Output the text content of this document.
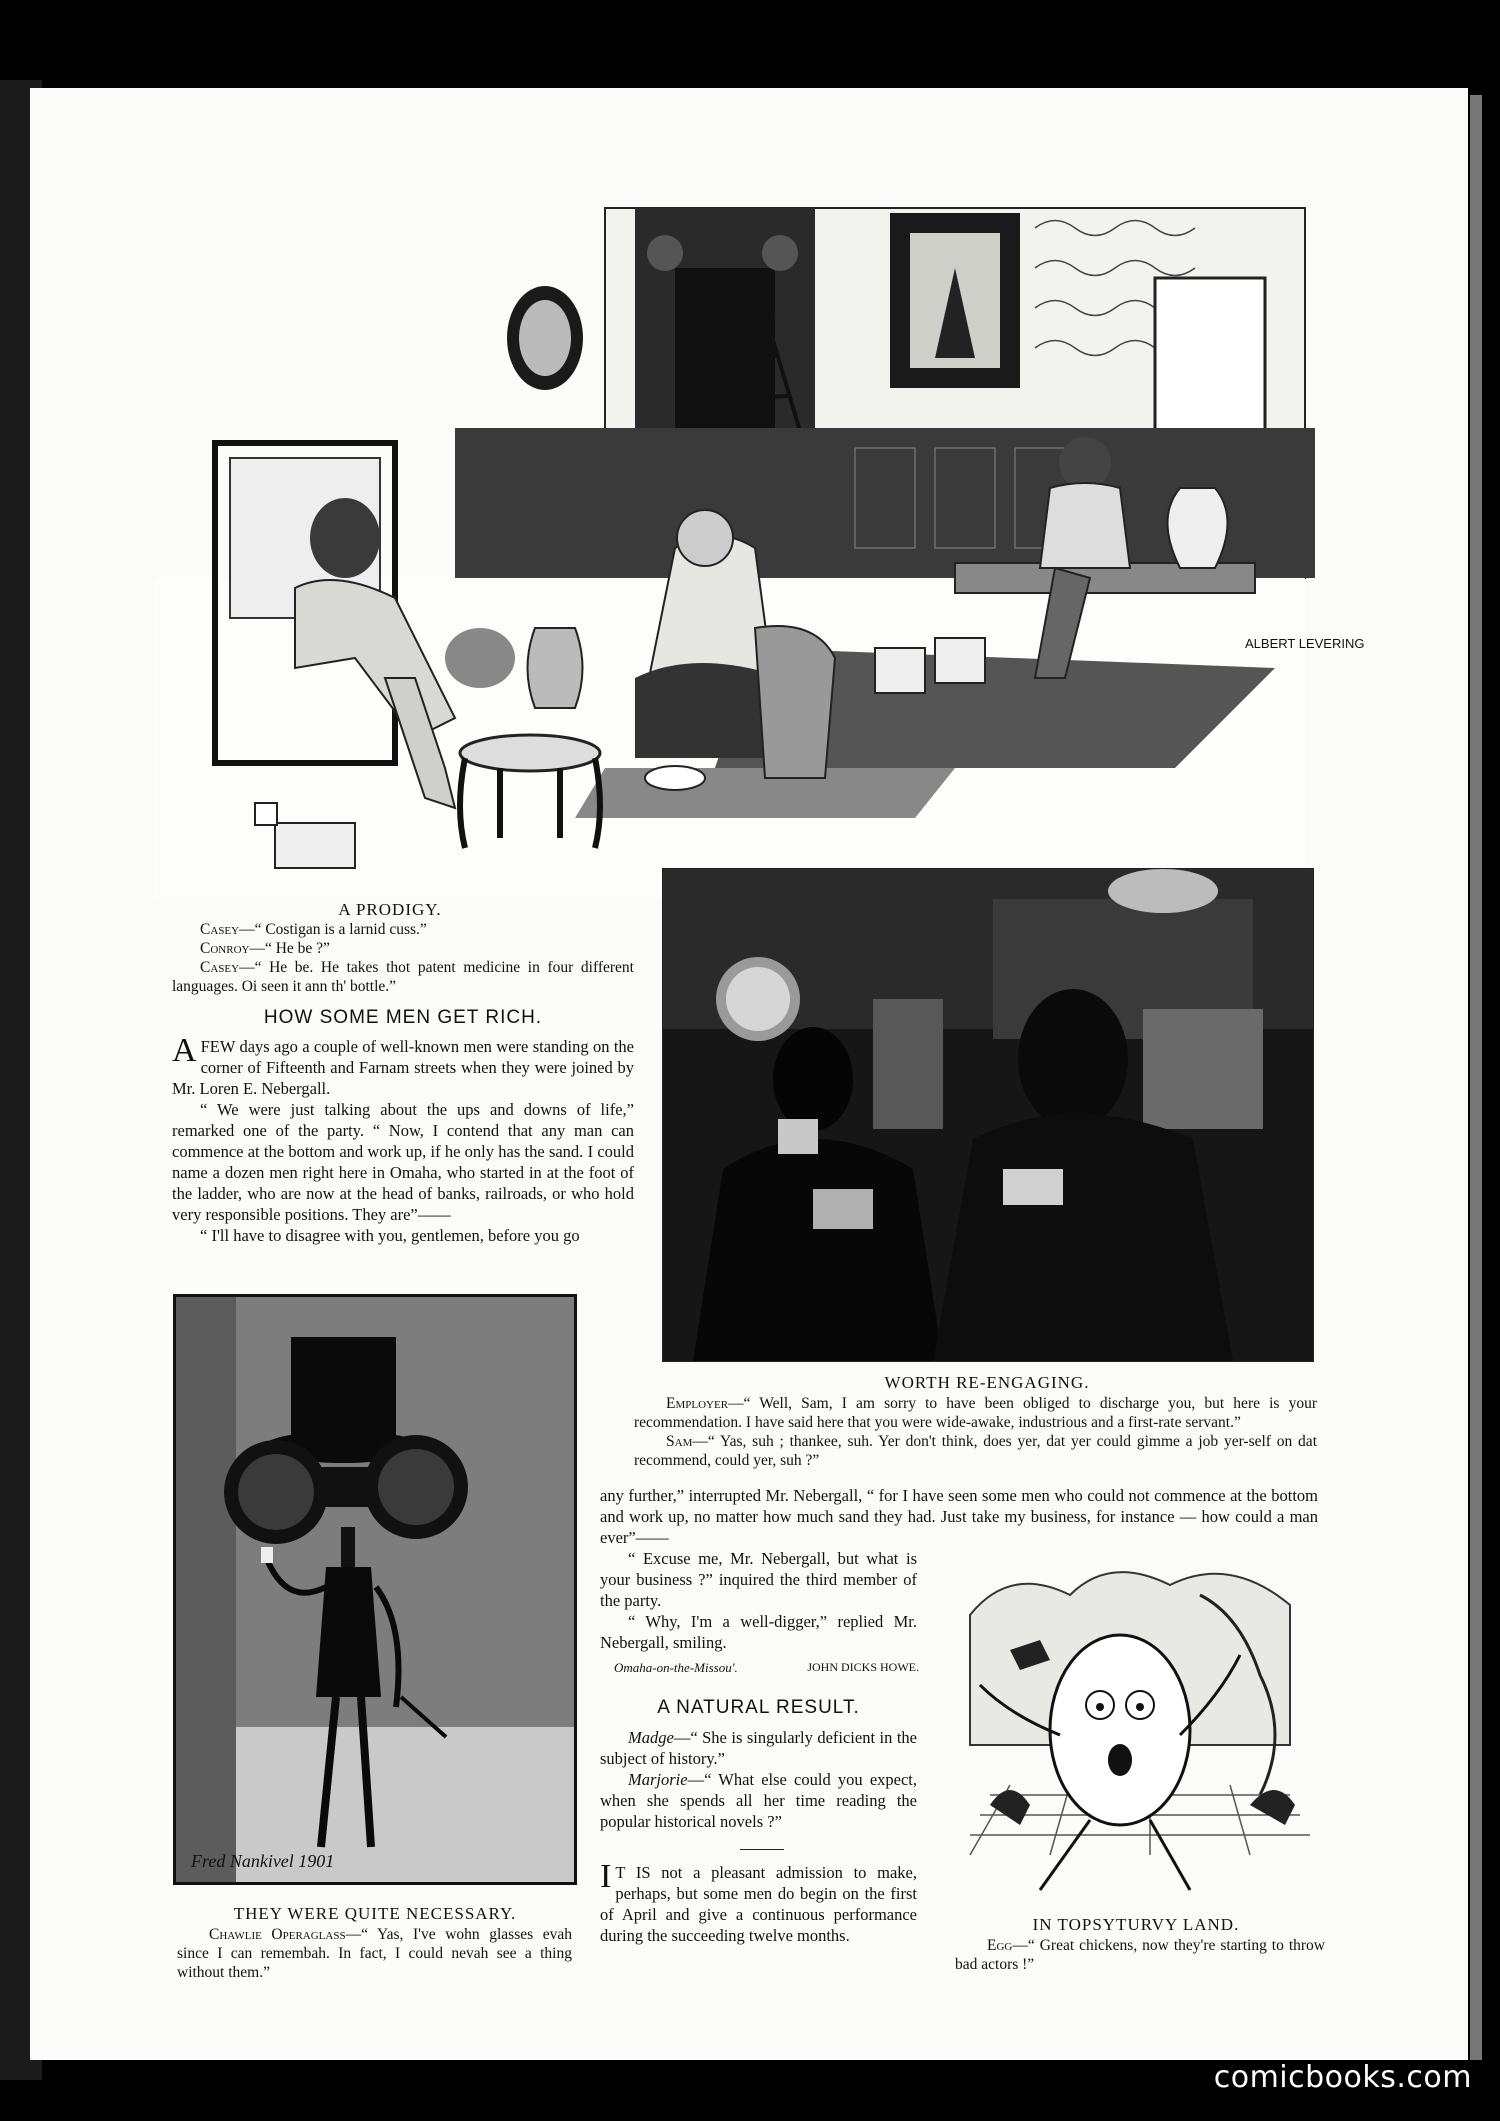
ALBERT LEVERING
A PRODIGY.
Casey—“ Costigan is a larnid cuss.”
Conroy—“ He be ?”
Casey—“ He be. He takes thot patent medicine in four different languages. Oi seen it ann th' bottle.”
HOW SOME MEN GET RICH.

AFEW days ago a couple of well-known men were standing on the corner of Fifteenth and Farnam streets when they were joined by Mr. Loren E. Nebergall.

“ We were just talking about the ups and downs of life,” remarked one of the party. “ Now, I contend that any man can commence at the bottom and work up, if he only has the sand. I could name a dozen men right here in Omaha, who started in at the foot of the ladder, who are now at the head of banks, railroads, or who hold very responsible positions. They are”——

“ I'll have to disagree with you, gentlemen, before you go

WORTH RE-ENGAGING.
Employer—“ Well, Sam, I am sorry to have been obliged to discharge you, but here is your recommendation. I have said here that you were wide-awake, industrious and a first-rate servant.”
Sam—“ Yas, suh ; thankee, suh. Yer don't think, does yer, dat yer could gimme a job yer-self on dat recommend, could yer, suh ?”
Fred Nankivel 1901
THEY WERE QUITE NECESSARY.
Chawlie Operaglass—“ Yas, I've wohn glasses evah since I can remembah. In fact, I could nevah see a thing without them.”
any further,” interrupted Mr. Nebergall, “ for I have seen some men who could not commence at the bottom and work up, no matter how much sand they had. Just take my business, for instance — how could a man ever”——

“ Excuse me, Mr. Nebergall, but what is your business ?” inquired the third member of the party.

“ Why, I'm a well-digger,” replied Mr. Nebergall, smiling.

Omaha-on-the-Missou'.	JOHN DICKS HOWE.
A NATURAL RESULT.

Madge—“ She is singularly deficient in the subject of history.”

Marjorie—“ What else could you expect, when she spends all her time reading the popular historical novels ?”

I T IS not a pleasant admission to make, perhaps, but some men do begin on the first of April and give a continuous performance during the succeeding twelve months.
IN TOPSYTURVY LAND.
Egg—“ Great chickens, now they're starting to throw bad actors !”
comicbooks.com
